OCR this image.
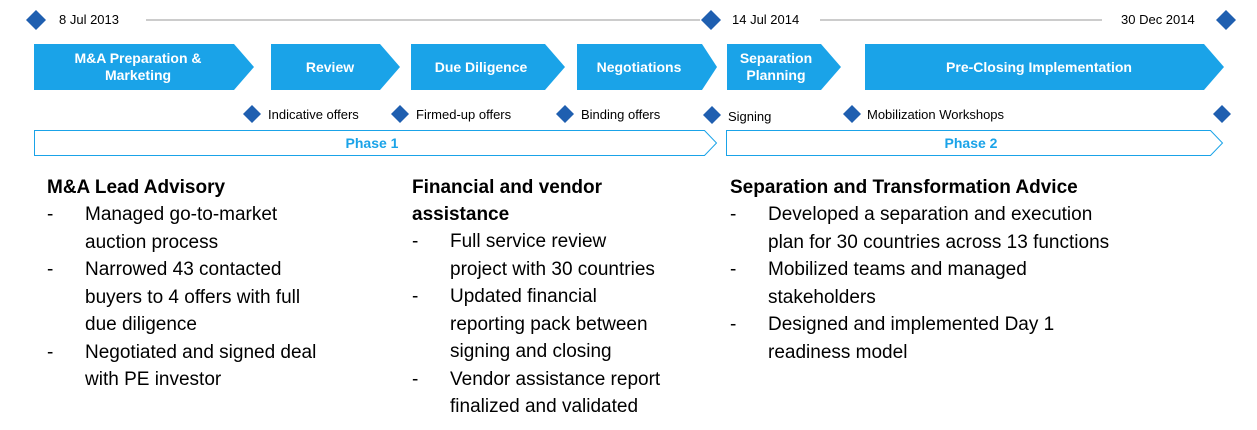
8 Jul 2013	14 Jul 2014	30 Dec 2014
M&A Preparation &
Marketing
Review	Due Diligence	Negotiations
Separation
Planning
Pre-Closing Implementation
Indicative offers	Firmed-up offers	Binding offers	Signing	Mobilization Workshops
Phase 1	Phase 2
M&A Lead Advisory
- Managed go-to-market
auction process
- Narrowed 43 contacted
buyers to 4 offers with full
due diligence
- Negotiated and signed deal
with PE investor
Financial and vendor
assistance
- Full service review
project with 30 countries
- Updated financial
reporting pack between
signing and closing
- Vendor assistance report
finalized and validated
Separation and Transformation Advice
- Developed a separation and execution
plan for 30 countries across 13 functions
- Mobilized teams and managed
stakeholders
- Designed and implemented Day 1
readiness model
